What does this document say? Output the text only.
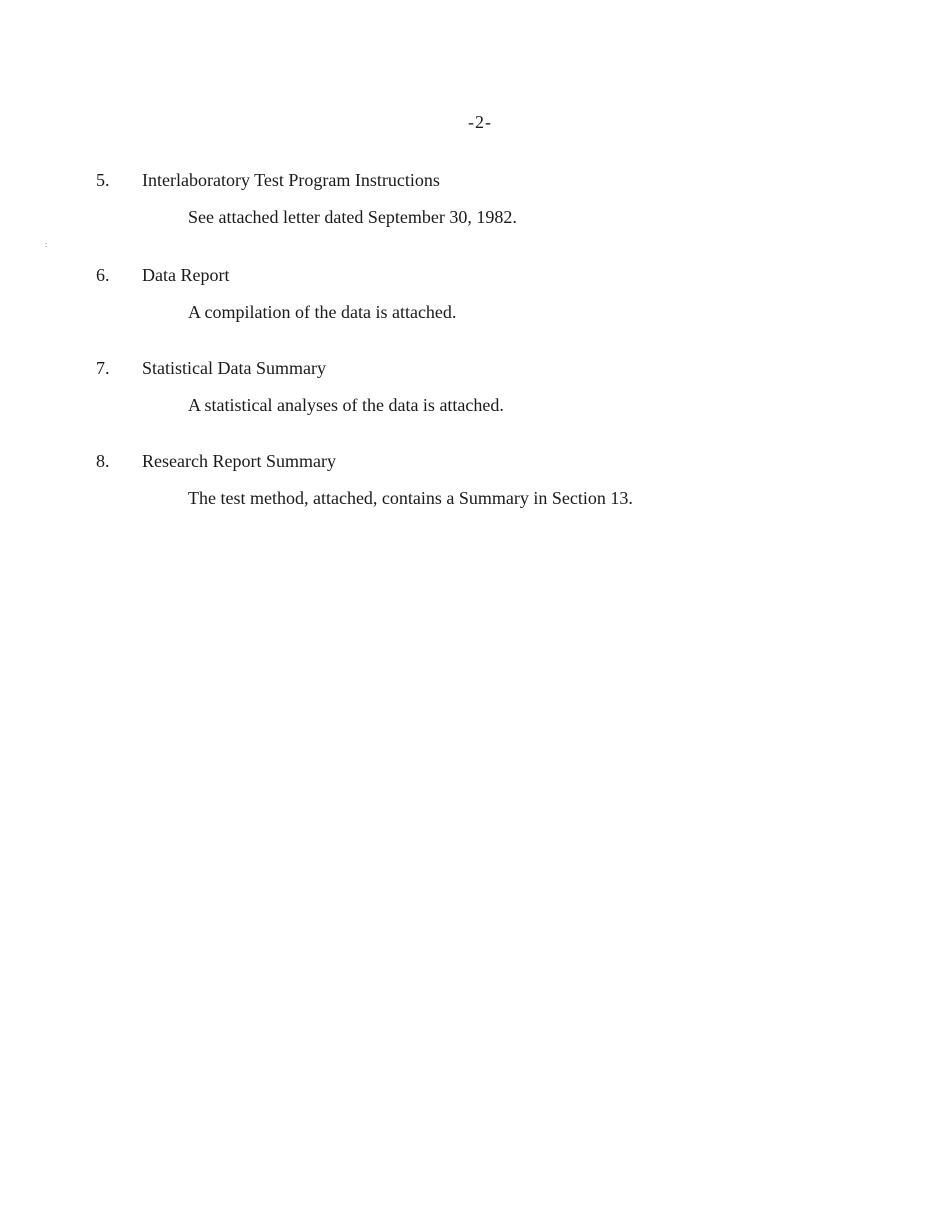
-2-
:
5. Interlaboratory Test Program Instructions
See attached letter dated September 30, 1982.
6. Data Report
A compilation of the data is attached.
7. Statistical Data Summary
A statistical analyses of the data is attached.
8. Research Report Summary
The test method, attached, contains a Summary in Section 13.
